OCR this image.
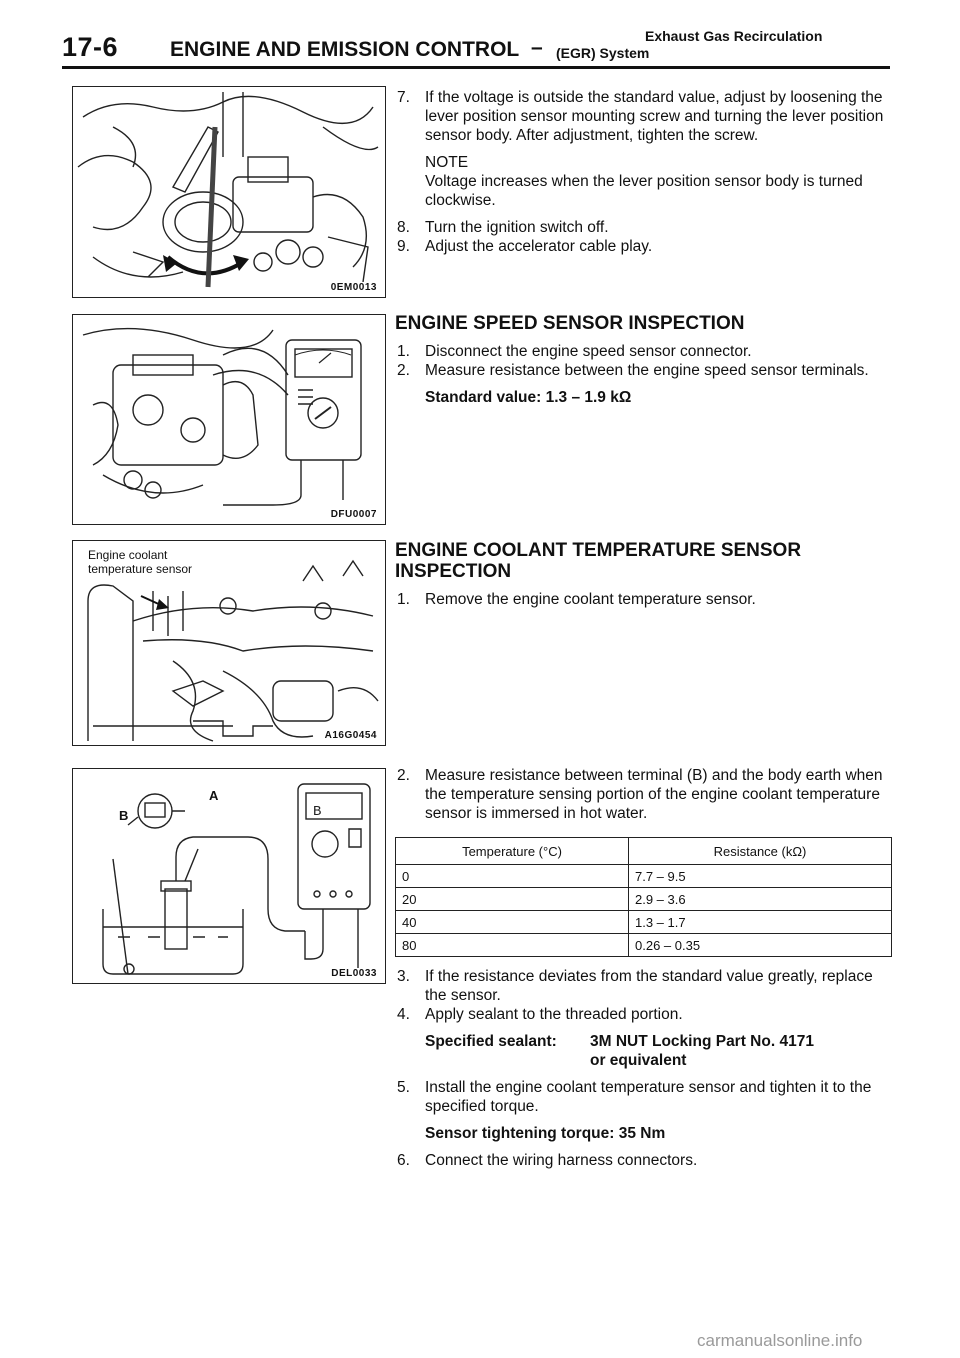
17-6 ENGINE AND EMISSION CONTROL –	Exhaust Gas Recirculation
(EGR) System
0EM0013
DFU0007
Engine coolant
temperature sensor
A16G0454
B
A
B
DEL0033
7. If the voltage is outside the standard value, adjust by loosening the lever position sensor mounting screw and turning the lever position sensor body. After adjustment, tighten the screw.
NOTE
Voltage increases when the lever position sensor body is turned clockwise.
8. Turn the ignition switch off.
9. Adjust the accelerator cable play.
ENGINE SPEED SENSOR INSPECTION
1. Disconnect the engine speed sensor connector.
2. Measure resistance between the engine speed sensor terminals.
Standard value: 1.3 – 1.9 kΩ
ENGINE COOLANT TEMPERATURE SENSOR
INSPECTION
1. Remove the engine coolant temperature sensor.
2. Measure resistance between terminal (B) and the body earth when the temperature sensing portion of the engine coolant temperature sensor is immersed in hot water.
Temperature (°C)	Resistance (kΩ)
0	7.7 – 9.5
20	2.9 – 3.6
40	1.3 – 1.7
80	0.26 – 0.35
3. If the resistance deviates from the standard value greatly, replace the sensor.
4. Apply sealant to the threaded portion.
Specified sealant: 3M NUT Locking Part No. 4171
or equivalent
5. Install the engine coolant temperature sensor and tighten it to the specified torque.
Sensor tightening torque: 35 Nm
6. Connect the wiring harness connectors.
carmanualsonline.info
